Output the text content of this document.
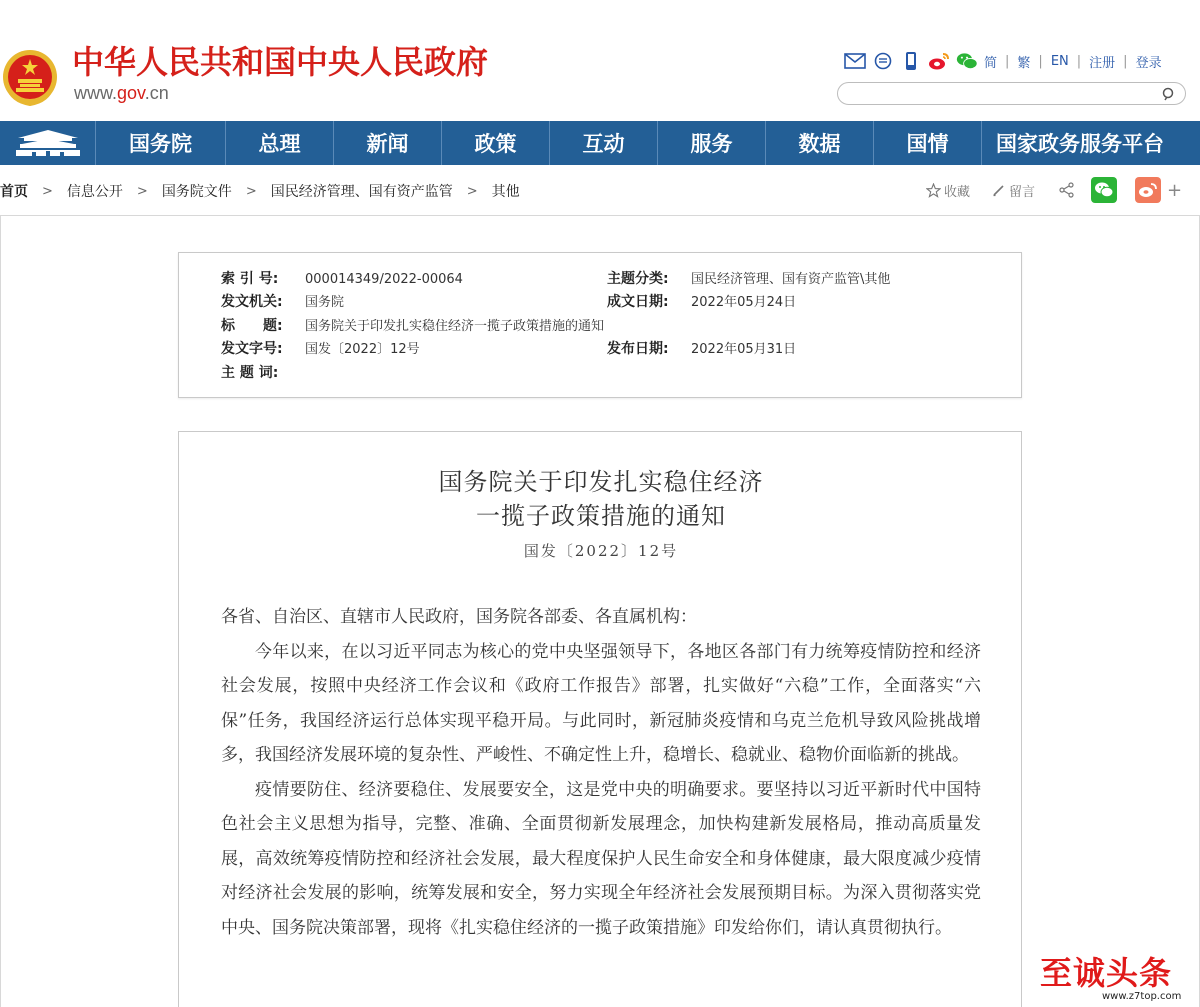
中华人民共和国中央人民政府
www.gov.cn
简 | 繁 | EN | 注册 | 登录
国务院	总理	新闻	政策	互动	服务	数据	国情	国家政务服务平台
首页 > 信息公开 > 国务院文件 > 国民经济管理、国有资产监管 > 其他	收藏	留言	+
索 引 号: 000014349/2022-00064	主题分类: 国民经济管理、国有资产监管\其他
发文机关: 国务院	成文日期: 2022年05月24日
标　　题: 国务院关于印发扎实稳住经济一揽子政策措施的通知
发文字号: 国发〔2022〕12号	发布日期: 2022年05月31日
主 题 词:
国务院关于印发扎实稳住经济
一揽子政策措施的通知
国发〔2022〕12号

各省、自治区、直辖市人民政府，国务院各部委、各直属机构：

今年以来，在以习近平同志为核心的党中央坚强领导下，各地区各部门有力统筹疫情防控和经济社会发展，按照中央经济工作会议和《政府工作报告》部署，扎实做好“六稳”工作，全面落实“六保”任务，我国经济运行总体实现平稳开局。与此同时，新冠肺炎疫情和乌克兰危机导致风险挑战增多，我国经济发展环境的复杂性、严峻性、不确定性上升，稳增长、稳就业、稳物价面临新的挑战。

疫情要防住、经济要稳住、发展要安全，这是党中央的明确要求。要坚持以习近平新时代中国特色社会主义思想为指导，完整、准确、全面贯彻新发展理念，加快构建新发展格局，推动高质量发展，高效统筹疫情防控和经济社会发展，最大程度保护人民生命安全和身体健康，最大限度减少疫情对经济社会发展的影响，统筹发展和安全，努力实现全年经济社会发展预期目标。为深入贯彻落实党中央、国务院决策部署，现将《扎实稳住经济的一揽子政策措施》印发给你们，请认真贯彻执行。

至诚头条
www.z7top.com
